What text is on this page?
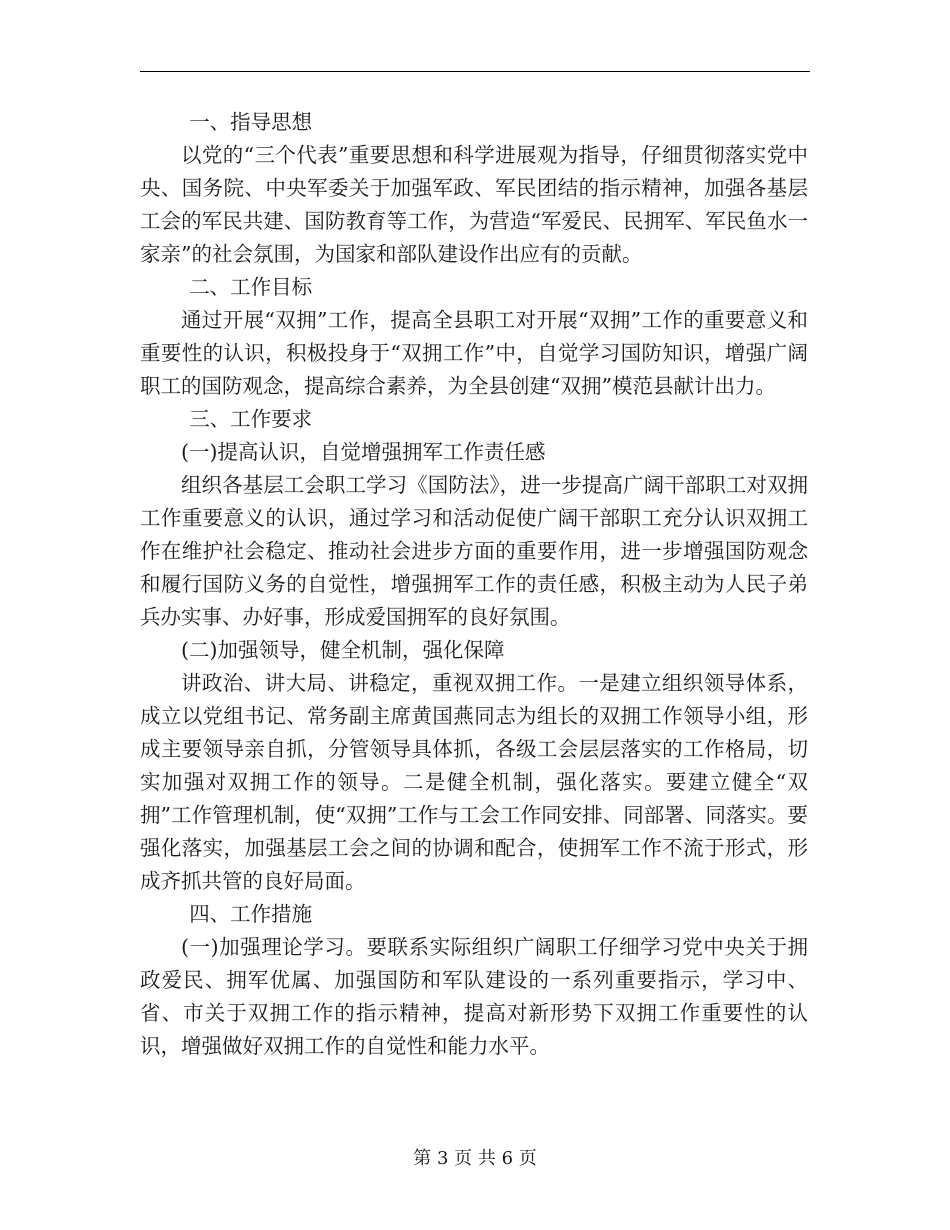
一、指导思想

以党的“三个代表”重要思想和科学进展观为指导，仔细贯彻落实党中央、国务院、中央军委关于加强军政、军民团结的指示精神，加强各基层工会的军民共建、国防教育等工作，为营造“军爱民、民拥军、军民鱼水一家亲”的社会氛围，为国家和部队建设作出应有的贡献。

二、工作目标

通过开展“双拥”工作，提高全县职工对开展“双拥”工作的重要意义和重要性的认识，积极投身于“双拥工作”中，自觉学习国防知识，增强广阔职工的国防观念，提高综合素养，为全县创建“双拥”模范县献计出力。

三、工作要求

(一)提高认识，自觉增强拥军工作责任感

组织各基层工会职工学习《国防法》，进一步提高广阔干部职工对双拥工作重要意义的认识，通过学习和活动促使广阔干部职工充分认识双拥工作在维护社会稳定、推动社会进步方面的重要作用，进一步增强国防观念和履行国防义务的自觉性，增强拥军工作的责任感，积极主动为人民子弟兵办实事、办好事，形成爱国拥军的良好氛围。

(二)加强领导，健全机制，强化保障

讲政治、讲大局、讲稳定，重视双拥工作。一是建立组织领导体系，成立以党组书记、常务副主席黄国燕同志为组长的双拥工作领导小组，形成主要领导亲自抓，分管领导具体抓，各级工会层层落实的工作格局，切实加强对双拥工作的领导。二是健全机制，强化落实。要建立健全“双拥”工作管理机制，使“双拥”工作与工会工作同安排、同部署、同落实。要强化落实，加强基层工会之间的协调和配合，使拥军工作不流于形式，形成齐抓共管的良好局面。

四、工作措施

(一)加强理论学习。要联系实际组织广阔职工仔细学习党中央关于拥政爱民、拥军优属、加强国防和军队建设的一系列重要指示，学习中、省、市关于双拥工作的指示精神，提高对新形势下双拥工作重要性的认识，增强做好双拥工作的自觉性和能力水平。

第 3 页 共 6 页
